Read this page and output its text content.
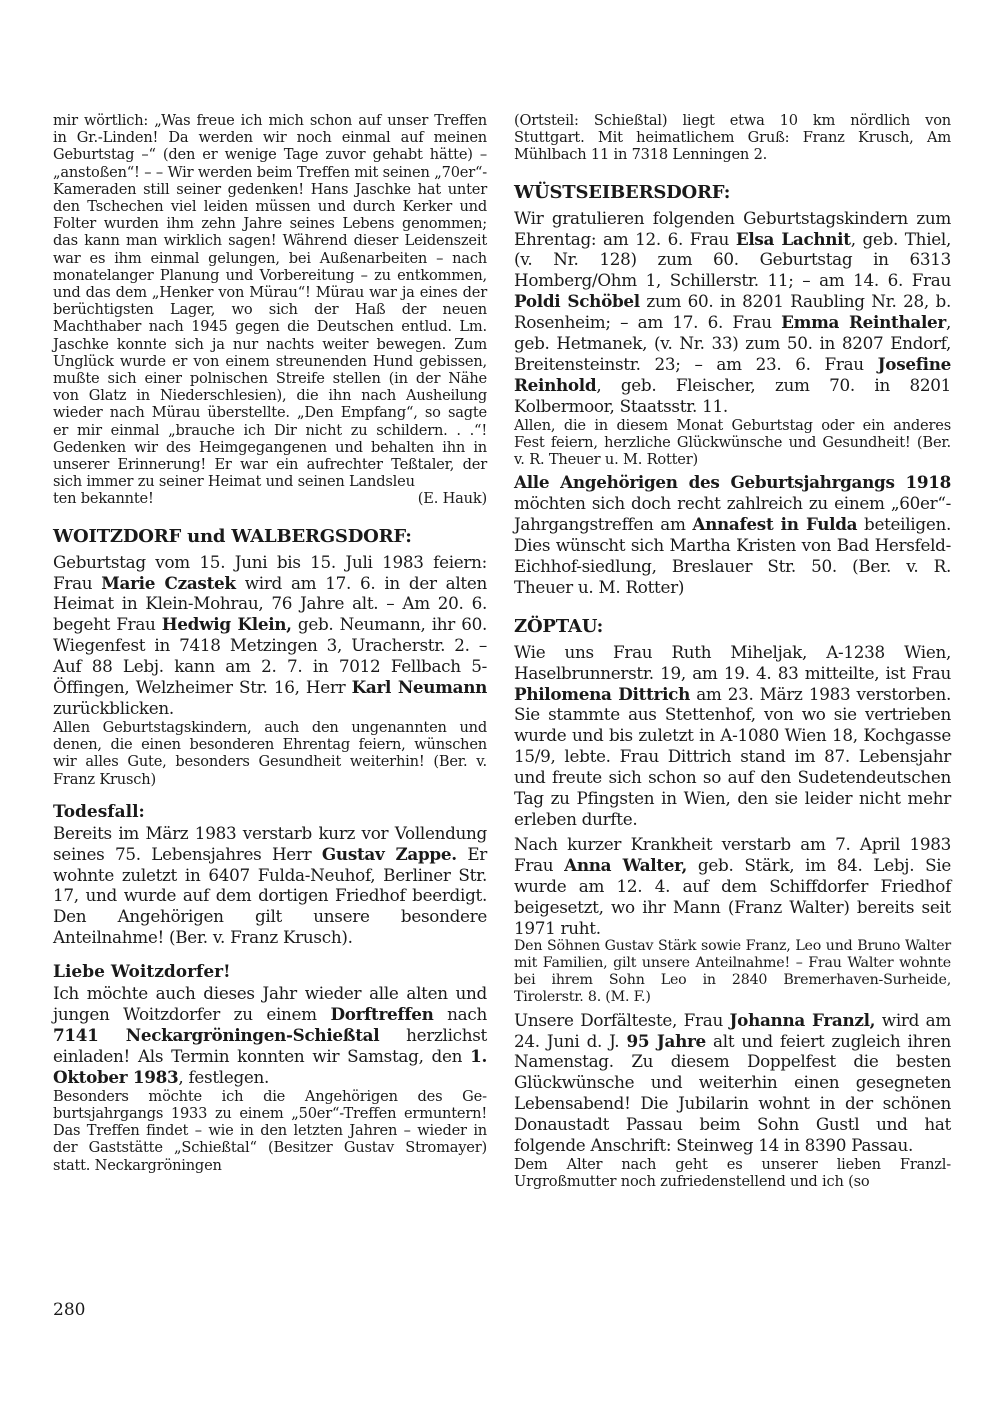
mir wörtlich: „Was freue ich mich schon auf unser Treffen in Gr.-Linden! Da werden wir noch einmal auf meinen Geburtstag –“ (den er wenige Tage zuvor gehabt hätte) – „anstoßen“! – – Wir werden beim Treffen mit seinen „70er“-Kameraden still seiner gedenken! Hans Jaschke hat unter den Tschechen viel leiden müssen und durch Kerker und Folter wurden ihm zehn Jahre seines Lebens genommen; das kann man wirklich sagen! Während dieser Leidenszeit war es ihm einmal gelungen, bei Außenarbeiten – nach monatelanger Planung und Vorbereitung – zu entkommen, und das dem „Henker von Mürau“! Mürau war ja eines der berüchtigsten Lager, wo sich der Haß der neuen Machthaber nach 1945 gegen die Deutschen entlud. Lm. Jaschke konnte sich ja nur nachts weiter bewegen. Zum Unglück wurde er von einem streunenden Hund gebissen, mußte sich einer polnischen Streife stellen (in der Nähe von Glatz in Niederschlesien), die ihn nach Ausheilung wieder nach Mürau überstellte. „Den Empfang“, so sagte er mir einmal „brauche ich Dir nicht zu schildern. . .“! Gedenken wir des Heimgegangenen und behalten ihn in unserer Erinnerung! Er war ein aufrechter Teßtaler, der sich immer zu seiner Heimat und seinen Landsleu

ten bekannte!	(E. Hauk)
WOITZDORF und WALBERGSDORF:

Geburtstag vom 15. Juni bis 15. Juli 1983 feiern: Frau Marie Czastek wird am 17. 6. in der alten Heimat in Klein-Mohrau, 76 Jahre alt. – Am 20. 6. begeht Frau Hedwig Klein, geb. Neumann, ihr 60. Wiegenfest in 7418 Metzingen 3, Uracherstr. 2. – Auf 88 Lebj. kann am 2. 7. in 7012 Fellbach 5-Öffingen, Welzheimer Str. 16, Herr Karl Neumann zurückblicken.

Allen Geburtstagskindern, auch den ungenannten und denen, die einen besonderen Ehrentag feiern, wünschen wir alles Gute, besonders Gesundheit weiterhin! (Ber. v. Franz Krusch)

Todesfall:

Bereits im März 1983 verstarb kurz vor Vollendung seines 75. Lebensjahres Herr Gustav Zappe. Er wohnte zuletzt in 6407 Fulda-Neuhof, Berliner Str. 17, und wurde auf dem dortigen Friedhof beerdigt. Den Angehörigen gilt unsere besondere Anteilnahme! (Ber. v. Franz Krusch).

Liebe Woitzdorfer!

Ich möchte auch dieses Jahr wieder alle alten und jungen Woitzdorfer zu einem Dorftreffen nach 7141 Neckargröningen-Schießtal herzlichst einladen! Als Termin konnten wir Samstag, den 1. Oktober 1983, festlegen.

Besonders möchte ich die Angehörigen des Geburtsjahrgangs 1933 zu einem „50er“-Treffen ermuntern! Das Treffen findet – wie in den letzten Jahren – wieder in der Gaststätte „Schießtal“ (Besitzer Gustav Stromayer) statt. Neckargröningen

(Ortsteil: Schießtal) liegt etwa 10 km nördlich von Stuttgart. Mit heimatlichem Gruß: Franz Krusch, Am Mühlbach 11 in 7318 Lenningen 2.

WÜSTSEIBERSDORF:

Wir gratulieren folgenden Geburtstagskindern zum Ehrentag: am 12. 6. Frau Elsa Lachnit, geb. Thiel, (v. Nr. 128) zum 60. Geburtstag in 6313 Homberg/Ohm 1, Schillerstr. 11; – am 14. 6. Frau Poldi Schöbel zum 60. in 8201 Raubling Nr. 28, b. Rosenheim; – am 17. 6. Frau Emma Reinthaler, geb. Hetmanek, (v. Nr. 33) zum 50. in 8207 Endorf, Breitensteinstr. 23; – am 23. 6. Frau Josefine Reinhold, geb. Fleischer, zum 70. in 8201 Kolbermoor, Staatsstr. 11.

Allen, die in diesem Monat Geburtstag oder ein anderes Fest feiern, herzliche Glückwünsche und Gesundheit! (Ber. v. R. Theuer u. M. Rotter)

Alle Angehörigen des Geburtsjahrgangs 1918 möchten sich doch recht zahlreich zu einem „60er“- Jahrgangstreffen am Annafest in Fulda beteiligen. Dies wünscht sich Martha Kristen von Bad Hersfeld-Eichhof-siedlung, Breslauer Str. 50. (Ber. v. R. Theuer u. M. Rotter)

ZÖPTAU:

Wie uns Frau Ruth Miheljak, A-1238 Wien, Haselbrunnerstr. 19, am 19. 4. 83 mitteilte, ist Frau Philomena Dittrich am 23. März 1983 verstorben. Sie stammte aus Stettenhof, von wo sie vertrieben wurde und bis zuletzt in A-1080 Wien 18, Kochgasse 15/9, lebte. Frau Dittrich stand im 87. Lebensjahr und freute sich schon so auf den Sudetendeutschen Tag zu Pfingsten in Wien, den sie leider nicht mehr erleben durfte.

Nach kurzer Krankheit verstarb am 7. April 1983 Frau Anna Walter, geb. Stärk, im 84. Lebj. Sie wurde am 12. 4. auf dem Schiffdorfer Friedhof beigesetzt, wo ihr Mann (Franz Walter) bereits seit 1971 ruht.

Den Söhnen Gustav Stärk sowie Franz, Leo und Bruno Walter mit Familien, gilt unsere Anteilnahme! – Frau Walter wohnte bei ihrem Sohn Leo in 2840 Bremerhaven-Surheide, Tirolerstr. 8. (M. F.)

Unsere Dorfälteste, Frau Johanna Franzl, wird am 24. Juni d. J. 95 Jahre alt und feiert zugleich ihren Namenstag. Zu diesem Doppelfest die besten Glückwünsche und weiterhin einen gesegneten Lebensabend! Die Jubilarin wohnt in der schönen Donaustadt Passau beim Sohn Gustl und hat folgende Anschrift: Steinweg 14 in 8390 Passau.

Dem Alter nach geht es unserer lieben Franzl-Urgroßmutter noch zufriedenstellend und ich (so

280
